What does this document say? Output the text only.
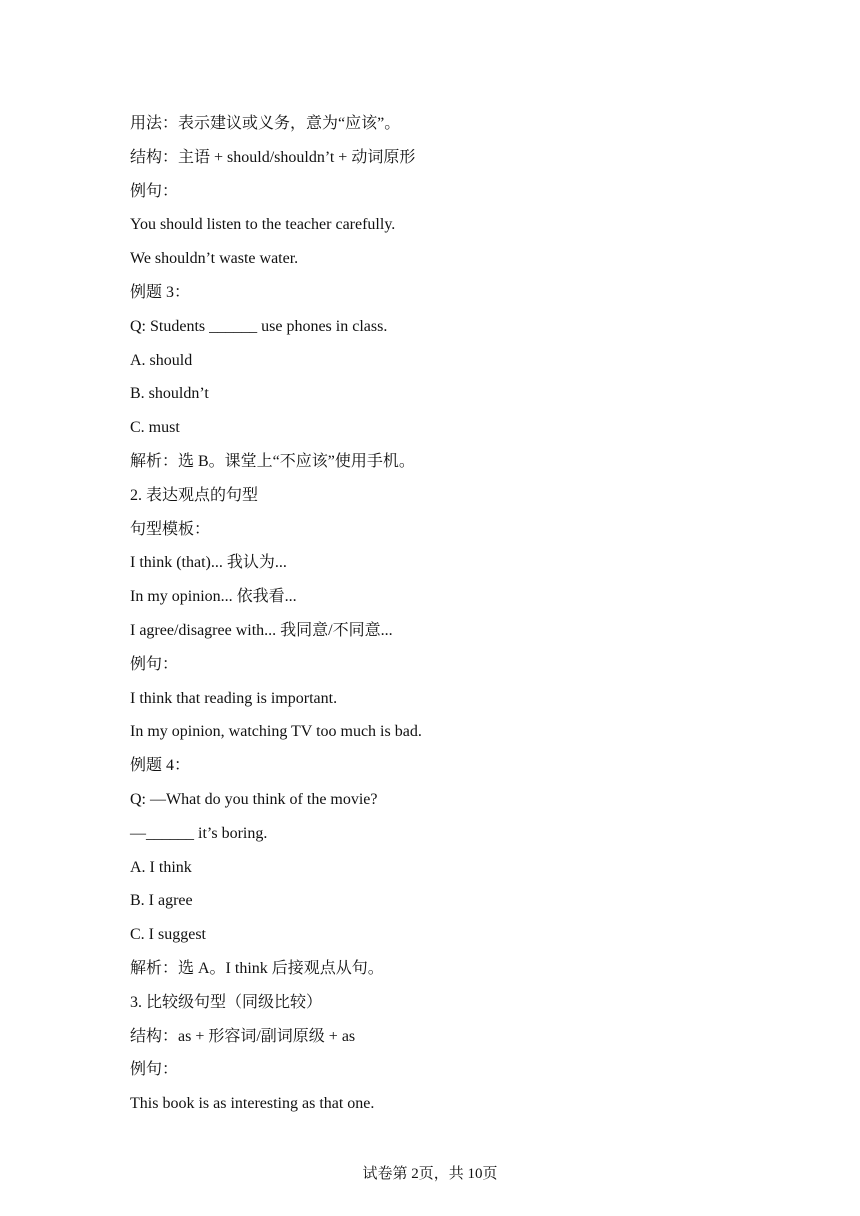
用法：表示建议或义务，意为“应该”。
结构：主语 + should/shouldn’t + 动词原形
例句：
You should listen to the teacher carefully.
We shouldn’t waste water.
例题 3：
Q: Students ______ use phones in class.
A. should
B. shouldn’t
C. must
解析：选 B。课堂上“不应该”使用手机。
2. 表达观点的句型
句型模板：
I think (that)... 我认为...
In my opinion... 依我看...
I agree/disagree with... 我同意/不同意...
例句：
I think that reading is important.
In my opinion, watching TV too much is bad.
例题 4：
Q: —What do you think of the movie?
—______ it’s boring.
A. I think
B. I agree
C. I suggest
解析：选 A。I think 后接观点从句。
3. 比较级句型（同级比较）
结构：as + 形容词/副词原级 + as
例句：
This book is as interesting as that one.
试卷第 2页，共 10页
